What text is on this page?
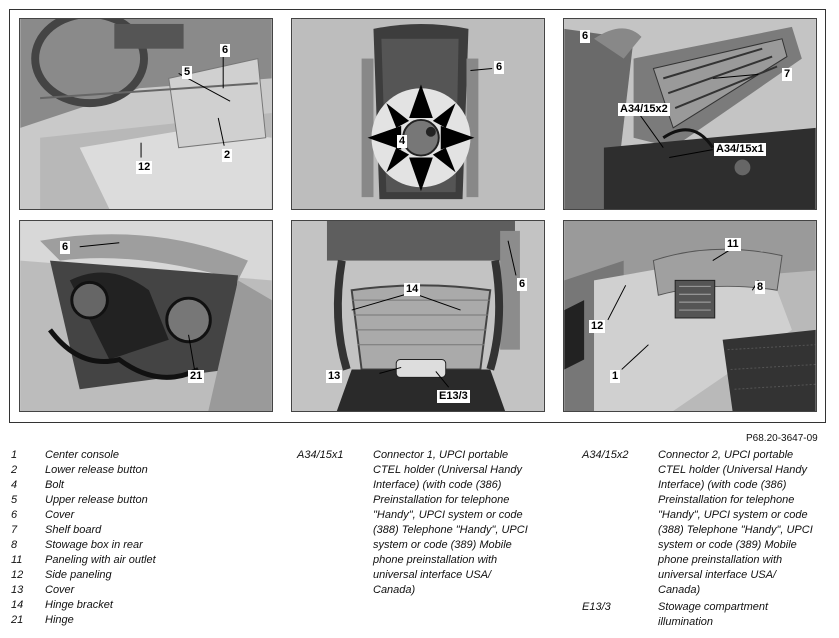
6
5
2
12
6
4
6
7
A34/15x2
A34/15x1
6
21
14	6
13
E13/3
11
8
12
1
P68.20-3647-09
1	Center console
2	Lower release button
4	Bolt
5	Upper release button
6	Cover
7	Shelf board
8	Stowage box in rear
11	Paneling with air outlet
12	Side paneling
13	Cover
14	Hinge bracket
21	Hinge
A34/15x1	Connector 1, UPCI portable
CTEL holder (Universal Handy
Interface) (with code (386)
Preinstallation for telephone
"Handy", UPCI system or code
(388) Telephone "Handy", UPCI
system or code (389) Mobile
phone preinstallation with
universal interface USA/
Canada)
A34/15x2	Connector 2, UPCI portable
CTEL holder (Universal Handy
Interface) (with code (386)
Preinstallation for telephone
"Handy", UPCI system or code
(388) Telephone "Handy", UPCI
system or code (389) Mobile
phone preinstallation with
universal interface USA/
Canada)
E13/3	Stowage compartment
illumination
